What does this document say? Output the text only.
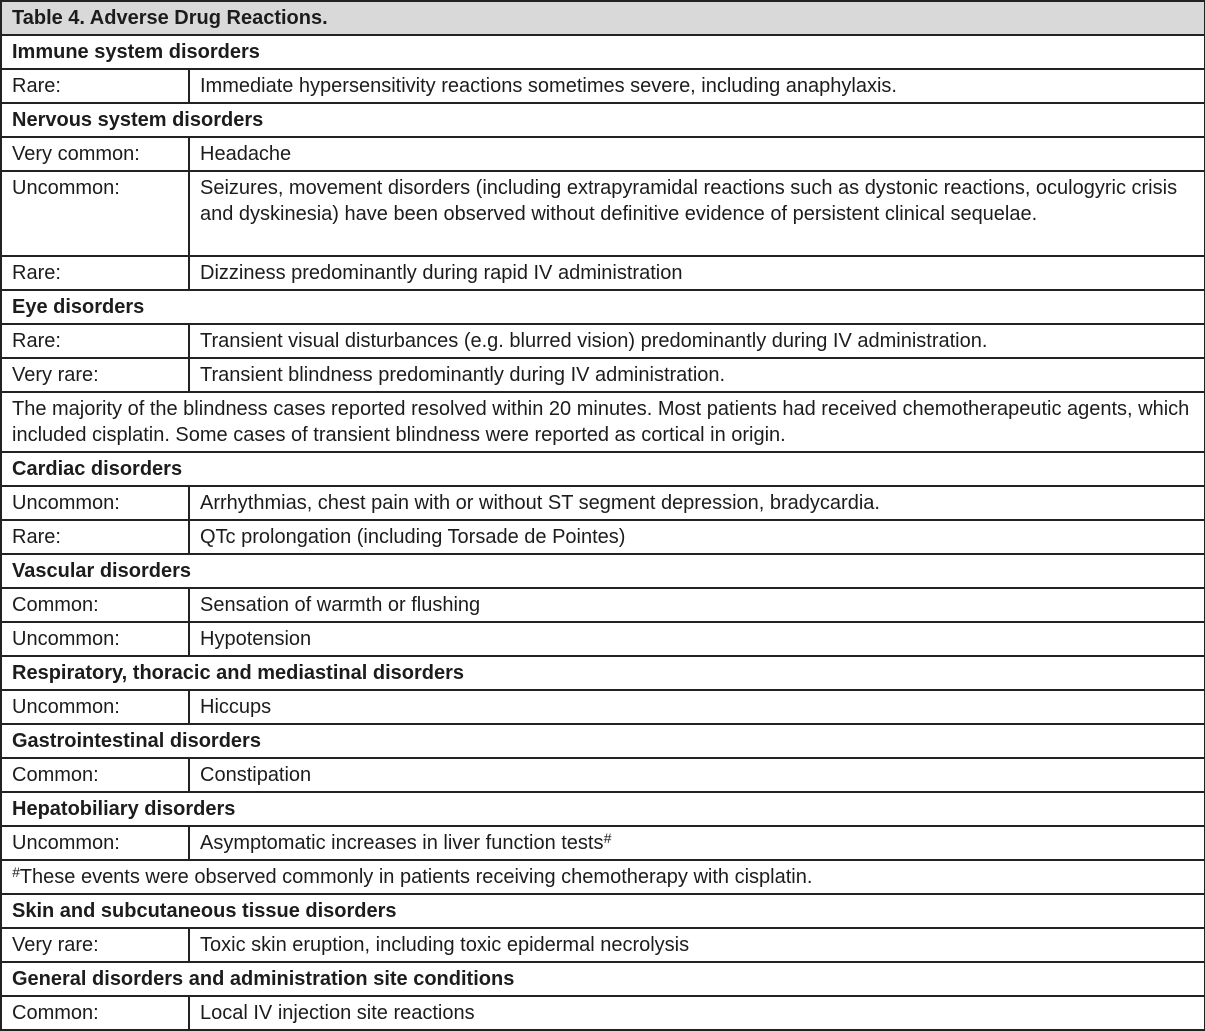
Table 4. Adverse Drug Reactions.	
Immune system disorders	
Rare:	Immediate hypersensitivity reactions sometimes severe, including anaphylaxis.
Nervous system disorders	
Very common:	Headache
Uncommon:	Seizures, movement disorders (including extrapyramidal reactions such as dystonic reactions, oculogyric crisis and dyskinesia) have been observed without definitive evidence of persistent clinical sequelae.
Rare:	Dizziness predominantly during rapid IV administration
Eye disorders	
Rare:	Transient visual disturbances (e.g. blurred vision) predominantly during IV administration.
Very rare:	Transient blindness predominantly during IV administration.
The majority of the blindness cases reported resolved within 20 minutes. Most patients had received chemotherapeutic agents, which included cisplatin. Some cases of transient blindness were reported as cortical in origin.	
Cardiac disorders	
Uncommon:	Arrhythmias, chest pain with or without ST segment depression, bradycardia.
Rare:	QTc prolongation (including Torsade de Pointes)
Vascular disorders	
Common:	Sensation of warmth or flushing
Uncommon:	Hypotension
Respiratory, thoracic and mediastinal disorders	
Uncommon:	Hiccups
Gastrointestinal disorders	
Common:	Constipation
Hepatobiliary disorders	
Uncommon:	Asymptomatic increases in liver function tests#
#These events were observed commonly in patients receiving chemotherapy with cisplatin.	
Skin and subcutaneous tissue disorders	
Very rare:	Toxic skin eruption, including toxic epidermal necrolysis
General disorders and administration site conditions	
Common:	Local IV injection site reactions
